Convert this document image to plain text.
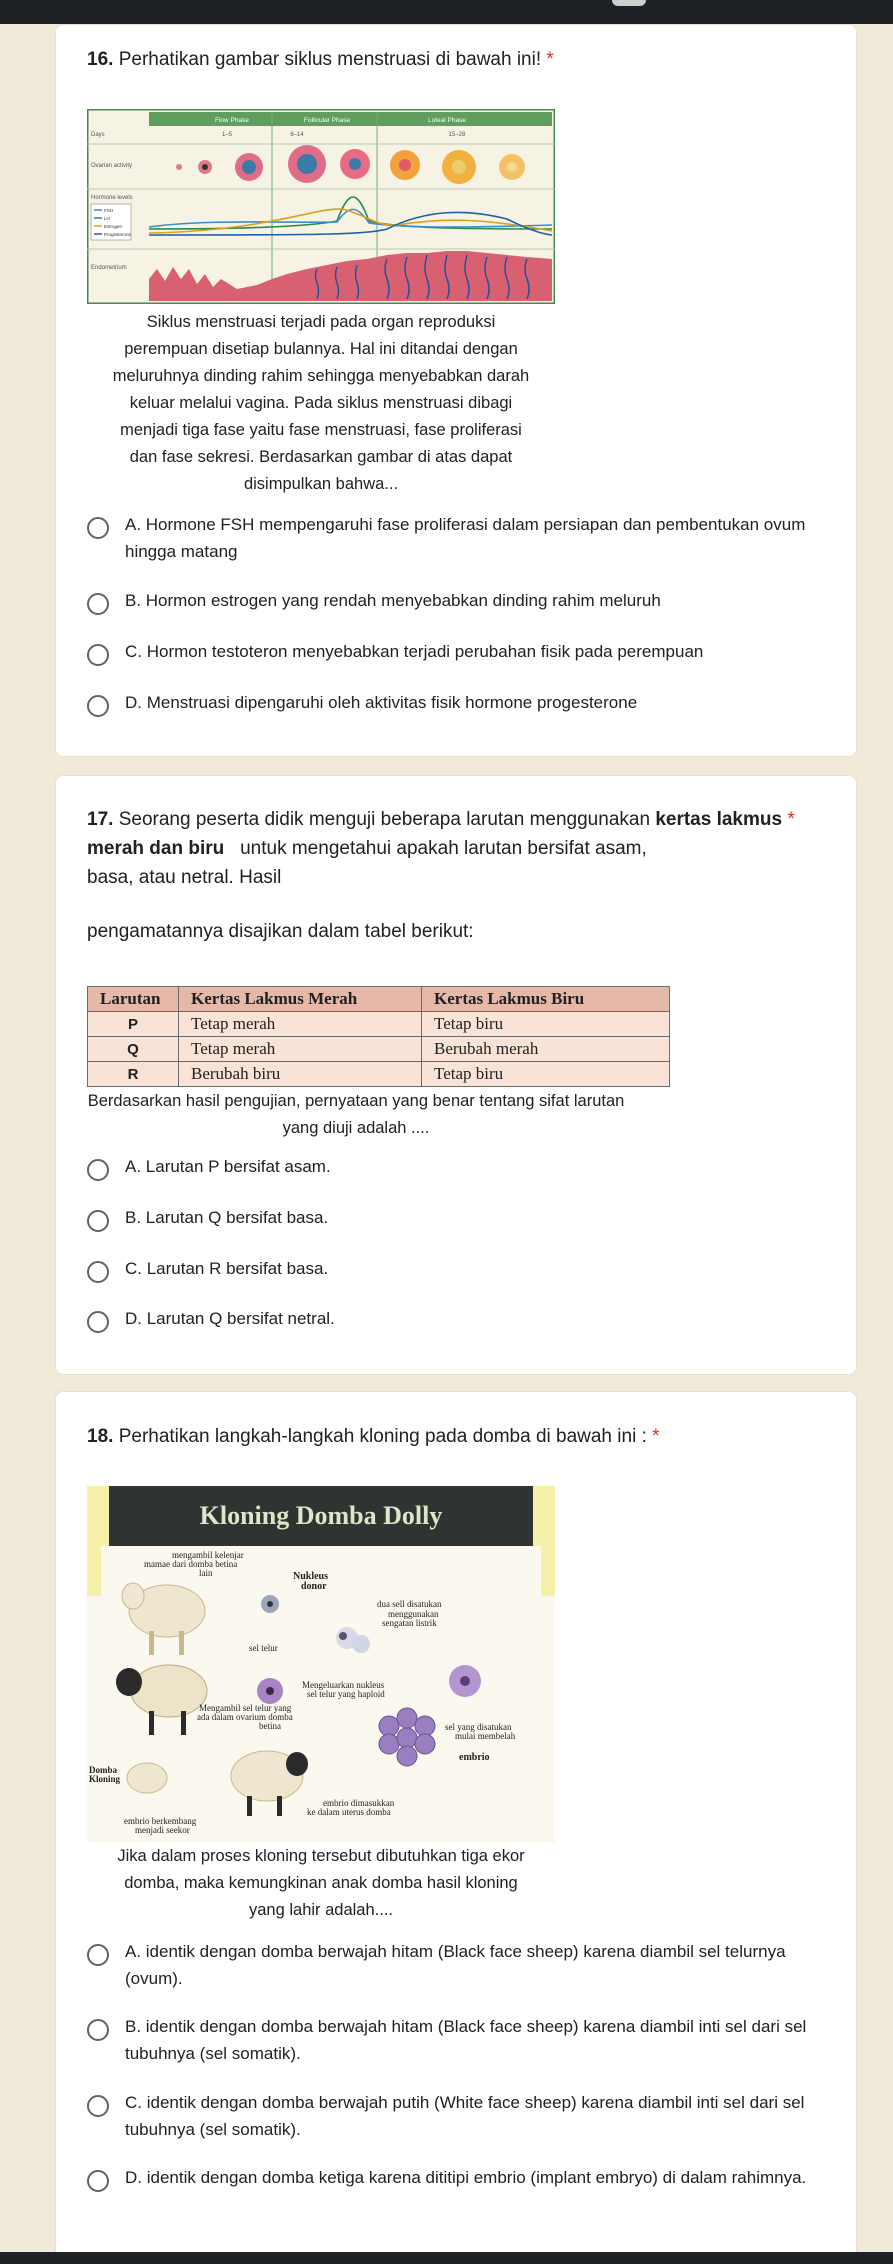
16. Perhatikan gambar siklus menstruasi di bawah ini! *
Flow Phase	Follicular Phase	Luteal Phase
Days	1–5	6–14	15–28
Ovarian activity
Hormone levels
FSH
LH
Estrogen
Progesterone
Endometrium
Siklus menstruasi terjadi pada organ reproduksi
perempuan disetiap bulannya. Hal ini ditandai dengan
meluruhnya dinding rahim sehingga menyebabkan darah
keluar melalui vagina. Pada siklus menstruasi dibagi
menjadi tiga fase yaitu fase menstruasi, fase proliferasi
dan fase sekresi. Berdasarkan gambar di atas dapat
disimpulkan bahwa...
A. Hormone FSH mempengaruhi fase proliferasi dalam persiapan dan pembentukan ovum hingga matang
B. Hormon estrogen yang rendah menyebabkan dinding rahim meluruh
C. Hormon testoteron menyebabkan terjadi perubahan fisik pada perempuan
D. Menstruasi dipengaruhi oleh aktivitas fisik hormone progesterone
17. Seorang peserta didik menguji beberapa larutan menggunakan kertas lakmus *
merah dan biru untuk mengetahui apakah larutan bersifat asam,
basa, atau netral. Hasil
pengamatannya disajikan dalam tabel berikut:
Larutan	Kertas Lakmus Merah	Kertas Lakmus Biru
P	Tetap merah	Tetap biru
Q	Tetap merah	Berubah merah
R	Berubah biru	Tetap biru
Berdasarkan hasil pengujian, pernyataan yang benar tentang sifat larutan
yang diuji adalah ....
A. Larutan P bersifat asam.
B. Larutan Q bersifat basa.
C. Larutan R bersifat basa.
D. Larutan Q bersifat netral.
18. Perhatikan langkah-langkah kloning pada domba di bawah ini : *
Kloning Domba Dolly
mengambil kelenjar
mamae dari domba betina
lain	Nukleus
donor
dua sell disatukan
menggunakan
sengatan listrik
sel telur
Mengeluarkan nukleus
sel telur yang haploid
Mengambil sel telur yang
ada dalam ovarium domba
betina	sel yang disatukan
mulai membelah
embrio
Domba
Kloning
embrio dimasukkan
ke dalam uterus domba
embrio berkembang
menjadi seekor
Jika dalam proses kloning tersebut dibutuhkan tiga ekor
domba, maka kemungkinan anak domba hasil kloning
yang lahir adalah....
A. identik dengan domba berwajah hitam (Black face sheep) karena diambil sel telurnya (ovum).
B. identik dengan domba berwajah hitam (Black face sheep) karena diambil inti sel dari sel tubuhnya (sel somatik).
C. identik dengan domba berwajah putih (White face sheep) karena diambil inti sel dari sel tubuhnya (sel somatik).
D. identik dengan domba ketiga karena dititipi embrio (implant embryo) di dalam rahimnya.
